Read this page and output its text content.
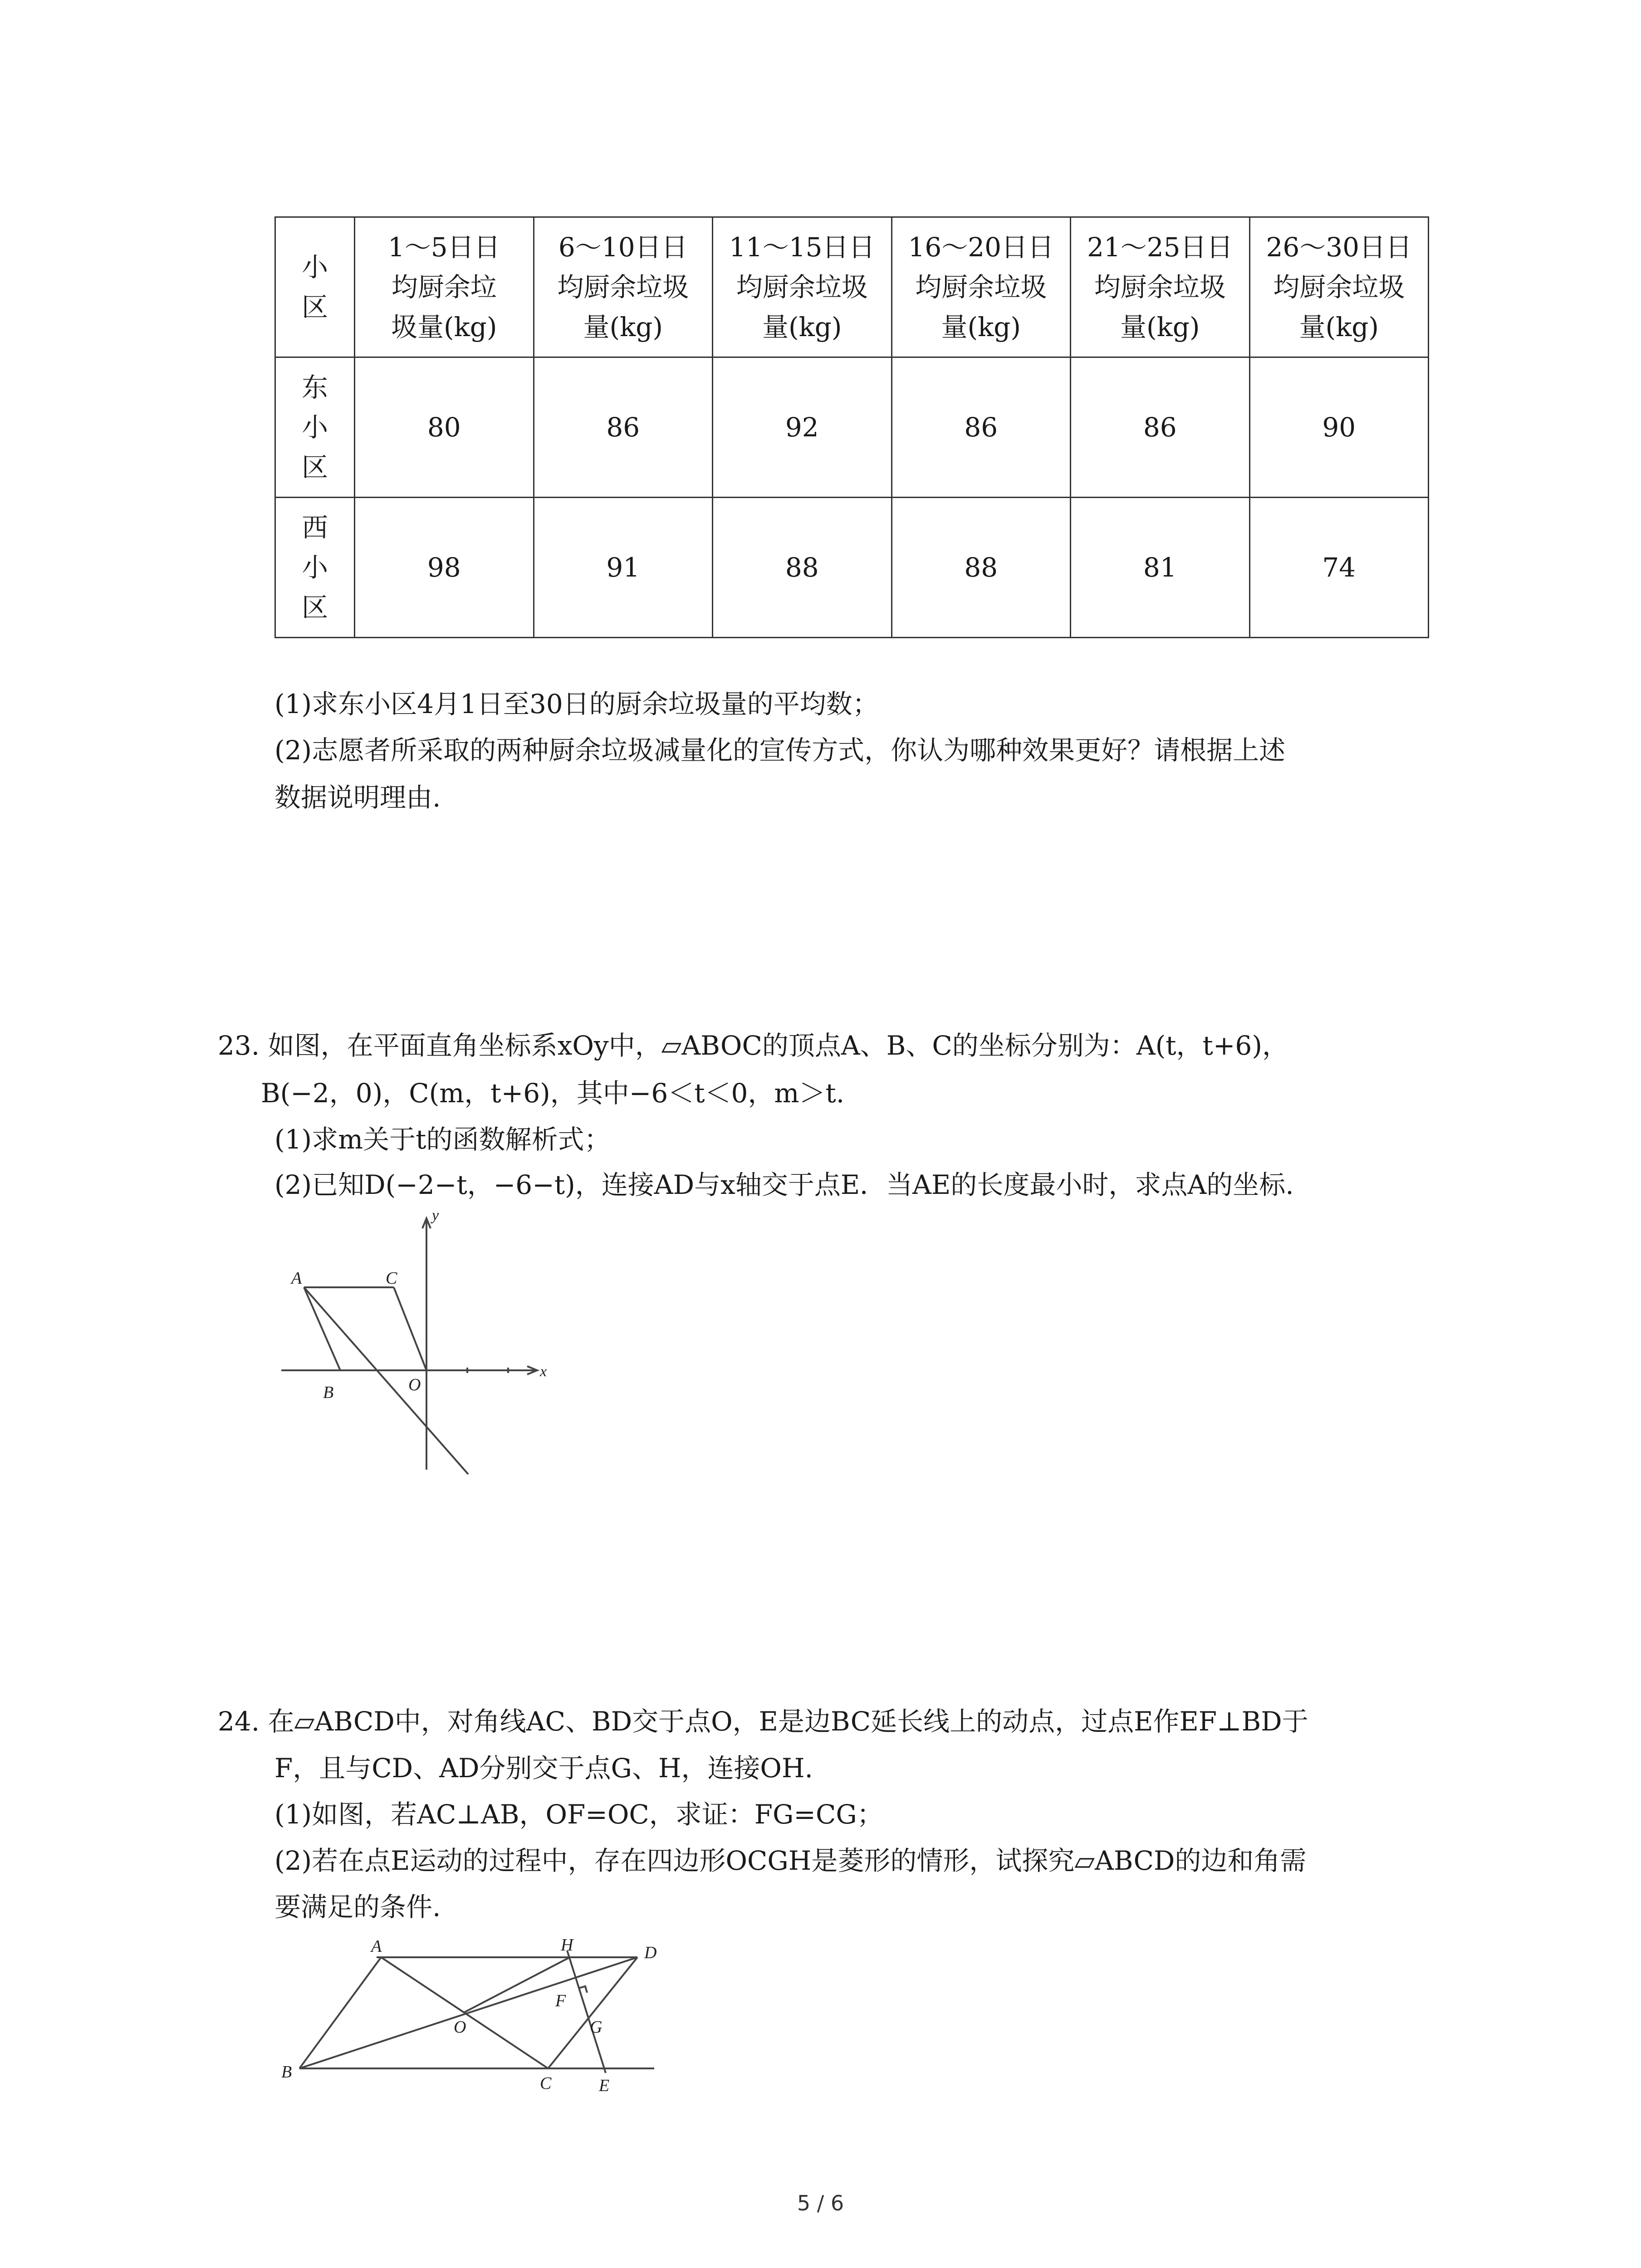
小
区	1～5日日
均厨余垃
圾量(kg)	6～10日日
均厨余垃圾
量(kg)	11～15日日
均厨余垃圾
量(kg)	16～20日日
均厨余垃圾
量(kg)	21～25日日
均厨余垃圾
量(kg)	26～30日日
均厨余垃圾
量(kg)
东
小
区	80	86	92	86	86	90
西
小
区	98	91	88	88	81	74
(1)求东小区4月1日至30日的厨余垃圾量的平均数；
(2)志愿者所采取的两种厨余垃圾减量化的宣传方式，你认为哪种效果更好？请根据上述
数据说明理由.
23. 如图，在平面直角坐标系xOy中，▱ABOC的顶点A、B、C的坐标分别为：A(t，t+6)，
B(−2，0)，C(m，t+6)，其中−6＜t＜0，m＞t.
(1)求m关于t的函数解析式；
(2)已知D(−2−t，−6−t)，连接AD与x轴交于点E．当AE的长度最小时，求点A的坐标.
A	C
B	O
x
y
24. 在▱ABCD中，对角线AC、BD交于点O，E是边BC延长线上的动点，过点E作EF⊥BD于
F，且与CD、AD分别交于点G、H，连接OH.
(1)如图，若AC⊥AB，OF=OC，求证：FG=CG；
(2)若在点E运动的过程中，存在四边形OCGH是菱形的情形，试探究▱ABCD的边和角需
要满足的条件.
A	H	D
F
G
O
B
C	E
5 / 6
